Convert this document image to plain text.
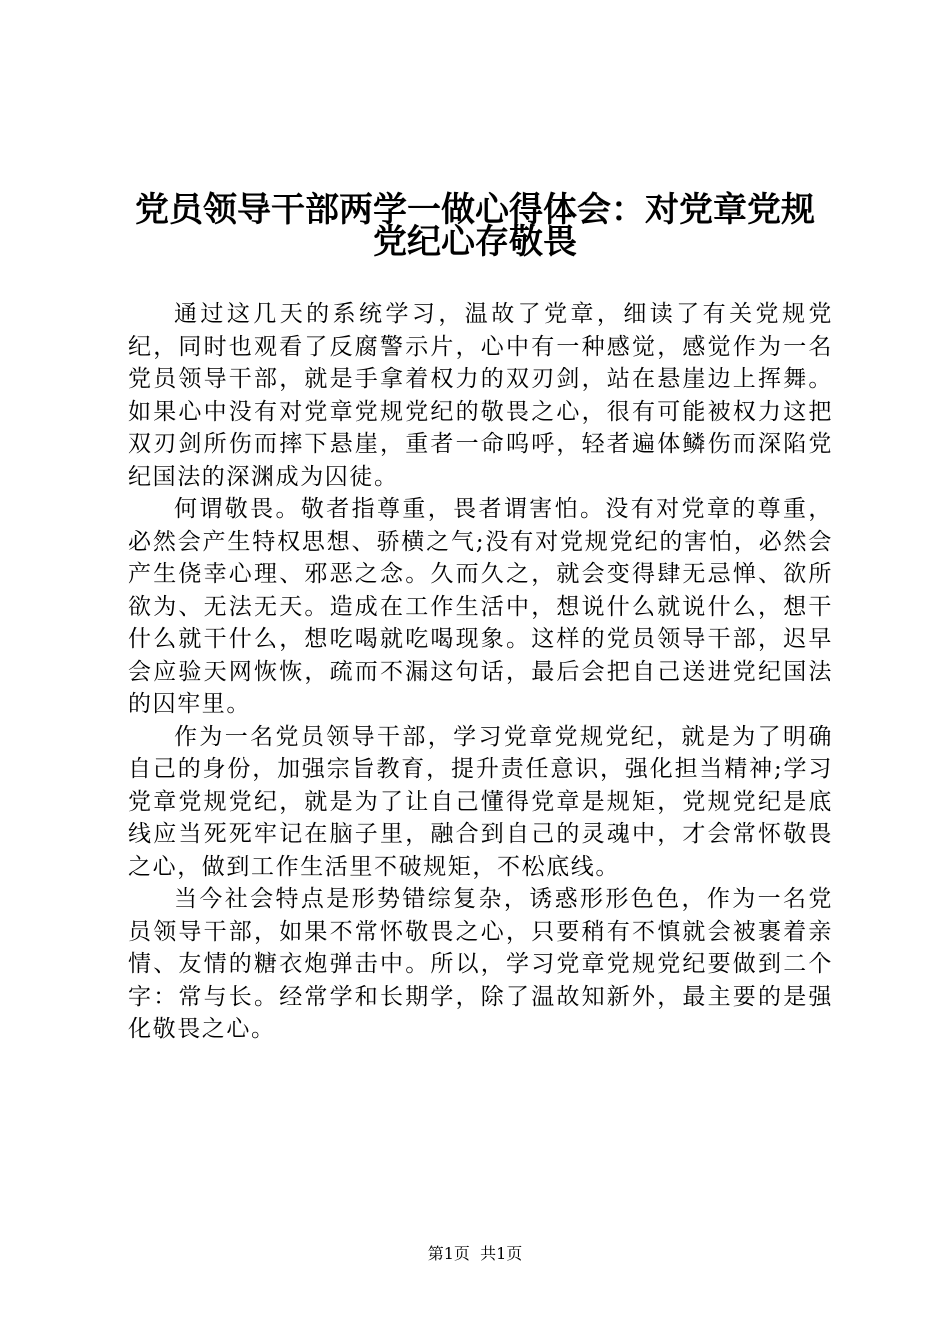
党员领导干部两学一做心得体会：对党章党规
党纪心存敬畏

通过这几天的系统学习，温故了党章，细读了有关党规党纪，同时也观看了反腐警示片，心中有一种感觉，感觉作为一名党员领导干部，就是手拿着权力的双刃剑，站在悬崖边上挥舞。如果心中没有对党章党规党纪的敬畏之心，很有可能被权力这把双刃剑所伤而摔下悬崖，重者一命呜呼，轻者遍体鳞伤而深陷党纪国法的深渊成为囚徒。

何谓敬畏。敬者指尊重，畏者谓害怕。没有对党章的尊重，必然会产生特权思想、骄横之气;没有对党规党纪的害怕，必然会产生侥幸心理、邪恶之念。久而久之，就会变得肆无忌惮、欲所欲为、无法无天。造成在工作生活中，想说什么就说什么，想干什么就干什么，想吃喝就吃喝现象。这样的党员领导干部，迟早会应验天网恢恢，疏而不漏这句话，最后会把自己送进党纪国法的囚牢里。

作为一名党员领导干部，学习党章党规党纪，就是为了明确自己的身份，加强宗旨教育，提升责任意识，强化担当精神;学习党章党规党纪，就是为了让自己懂得党章是规矩，党规党纪是底线应当死死牢记在脑子里，融合到自己的灵魂中，才会常怀敬畏之心，做到工作生活里不破规矩，不松底线。

当今社会特点是形势错综复杂，诱惑形形色色，作为一名党员领导干部，如果不常怀敬畏之心，只要稍有不慎就会被裹着亲情、友情的糖衣炮弹击中。所以，学习党章党规党纪要做到二个字：常与长。经常学和长期学，除了温故知新外，最主要的是强化敬畏之心。

第1页 共1页
